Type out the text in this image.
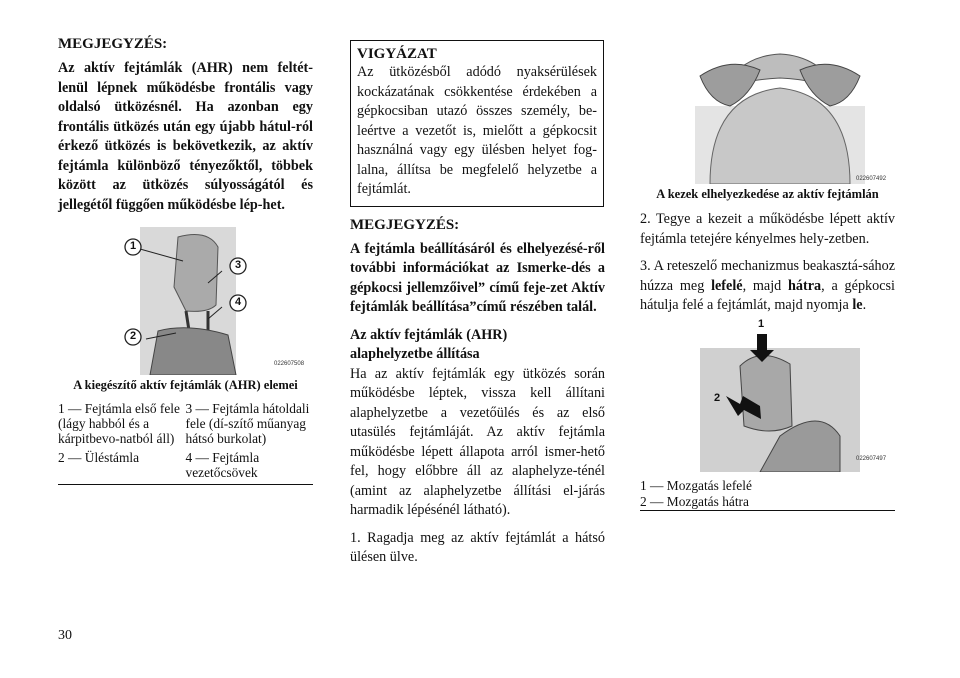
MEGJEGYZÉS:

Az aktív fejtámlák (AHR) nem feltét-lenül lépnek működésbe frontális vagy oldalsó ütközésnél. Ha azonban egy frontális ütközés után egy újabb hátul-ról érkező ütközés is bekövetkezik, az aktív fejtámla különböző tényezőktől, többek között az ütközés súlyosságától és jellegétől függően működésbe lép-het.

1
2
3
4
022607508
A kiegészítő aktív fejtámlák (AHR) elemei
1 — Fejtámla első fele (lágy habból és a kárpitbevo-natból áll)	3 — Fejtámla hátoldali fele (dí-szítő műanyag hátsó burkolat)
2 — Üléstámla	4 — Fejtámla vezetőcsövek
VIGYÁZAT

Az ütközésből adódó nyaksérülések kockázatának csökkentése érdekében a gépkocsiban utazó összes személy, be-leértve a vezetőt is, mielőtt a gépkocsit használná vagy egy ülésben helyet fog-lalna, állítsa be megfelelő helyzetbe a fejtámlát.

MEGJEGYZÉS:

A fejtámla beállításáról és elhelyezésé-ről további információkat az Ismerke-dés a gépkocsi jellemzőivel” című feje-zet Aktív fejtámlák beállítása”című részében talál.

Az aktív fejtámlák (AHR)
alaphelyzetbe állítása

Ha az aktív fejtámlák egy ütközés során működésbe léptek, vissza kell állítani alaphelyzetbe a vezetőülés és az első utasülés fejtámláját. Az aktív fejtámla működésbe lépett állapota arról ismer-hető fel, hogy előbbre áll az alaphelyze-ténél (amint az alaphelyzetbe állítási el-járás harmadik lépésénél látható).

1. Ragadja meg az aktív fejtámlát a hátsó ülésen ülve.

022607492
A kezek elhelyezkedése az aktív fejtámlán

2. Tegye a kezeit a működésbe lépett aktív fejtámla tetejére kényelmes hely-zetben.

3. A reteszelő mechanizmus beakasztá-sához húzza meg lefelé, majd hátra, a gépkocsi hátulja felé a fejtámlát, majd nyomja le.

1
2
022607497
1 — Mozgatás lefelé
2 — Mozgatás hátra
30
